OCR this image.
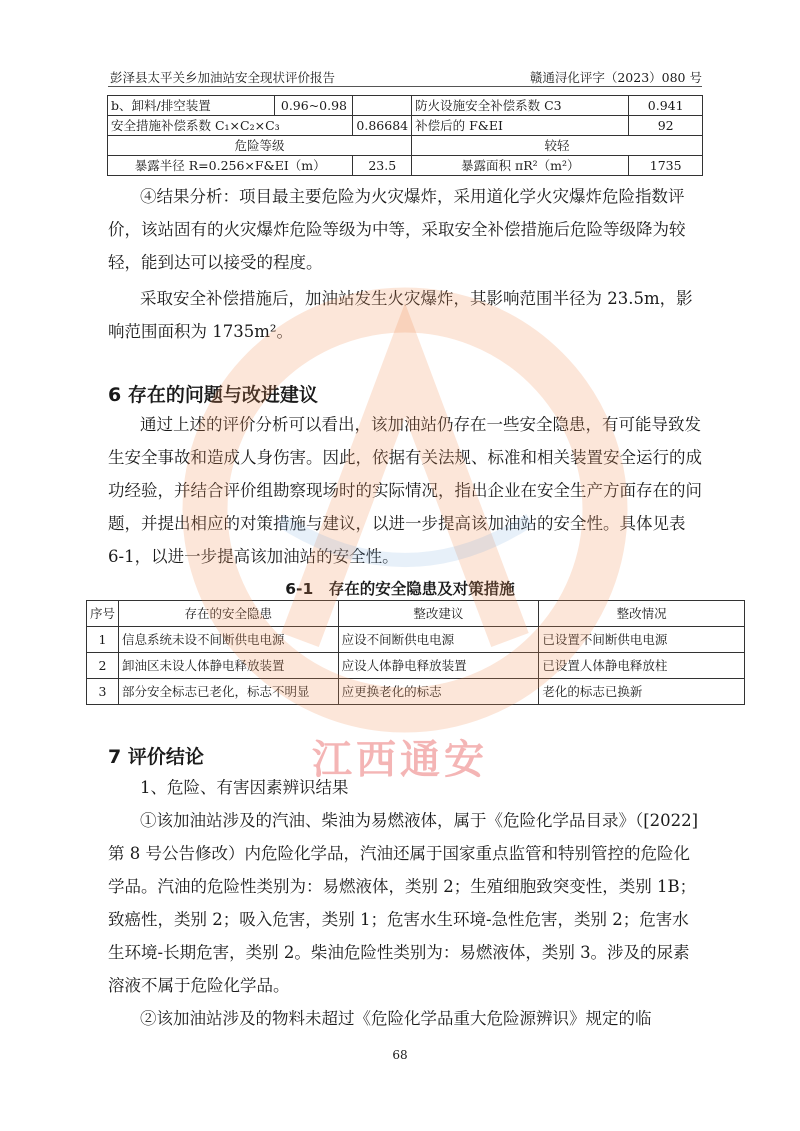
彭泽县太平关乡加油站安全现状评价报告	赣通浔化评字（2023）080 号
b、卸料/排空装置	0.96~0.98		防火设施安全补偿系数 C3	0.941
安全措施补偿系数 C₁×C₂×C₃		0.86684	补偿后的 F&EI	92
危险等级			较轻	
暴露半径 R=0.256×F&EI（m）		23.5	暴露面积 πR²（m²）	1735
④结果分析：项目最主要危险为火灾爆炸，采用道化学火灾爆炸危险指数评价，该站固有的火灾爆炸危险等级为中等，采取安全补偿措施后危险等级降为较轻，能到达可以接受的程度。
采取安全补偿措施后，加油站发生火灾爆炸，其影响范围半径为 23.5m，影响范围面积为 1735m²。
6 存在的问题与改进建议
通过上述的评价分析可以看出，该加油站仍存在一些安全隐患，有可能导致发生安全事故和造成人身伤害。因此，依据有关法规、标准和相关装置安全运行的成功经验，并结合评价组勘察现场时的实际情况，指出企业在安全生产方面存在的问题，并提出相应的对策措施与建议，以进一步提高该加油站的安全性。具体见表 6-1，以进一步提高该加油站的安全性。
6-1　存在的安全隐患及对策措施
序号	存在的安全隐患	整改建议	整改情况
1	信息系统未设不间断供电电源	应设不间断供电电源	已设置不间断供电电源
2	卸油区未设人体静电释放装置	应设人体静电释放装置	已设置人体静电释放柱
3	部分安全标志已老化，标志不明显	应更换老化的标志	老化的标志已换新
7 评价结论
1、危险、有害因素辨识结果
①该加油站涉及的汽油、柴油为易燃液体，属于《危险化学品目录》（[2022]第 8 号公告修改）内危险化学品，汽油还属于国家重点监管和特别管控的危险化学品。汽油的危险性类别为：易燃液体，类别 2；生殖细胞致突变性，类别 1B；致癌性，类别 2；吸入危害，类别 1；危害水生环境-急性危害，类别 2；危害水生环境-长期危害，类别 2。柴油危险性类别为：易燃液体，类别 3。涉及的尿素溶液不属于危险化学品。
②该加油站涉及的物料未超过《危险化学品重大危险源辨识》规定的临
68
江西通安
